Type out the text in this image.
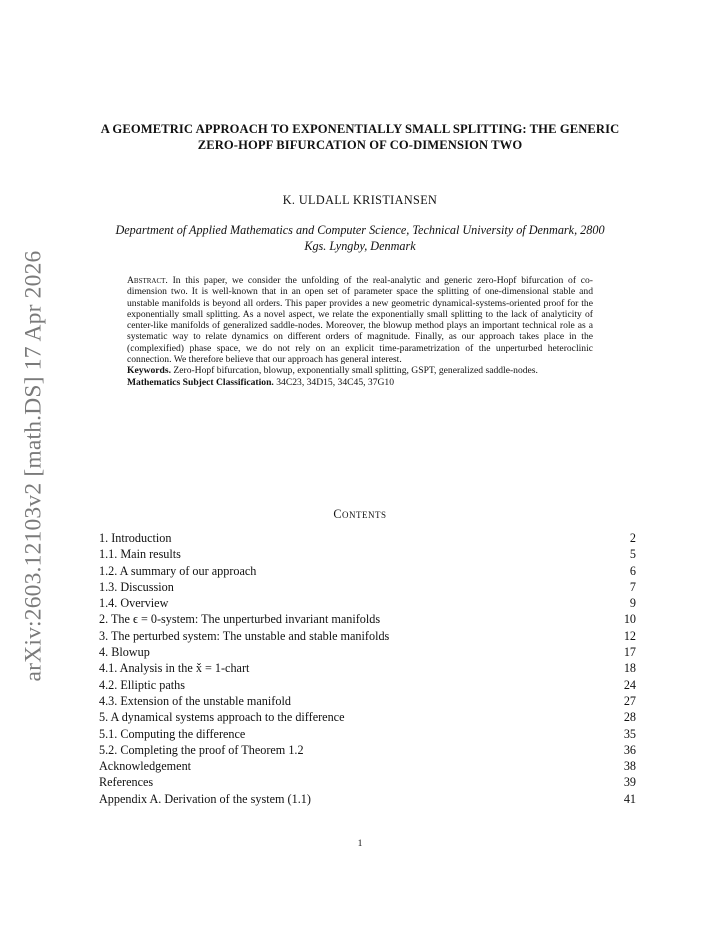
arXiv:2603.12103v2 [math.DS] 17 Apr 2026
A GEOMETRIC APPROACH TO EXPONENTIALLY SMALL SPLITTING: THE GENERIC ZERO-HOPF BIFURCATION OF CO-DIMENSION TWO
K. ULDALL KRISTIANSEN
Department of Applied Mathematics and Computer Science, Technical University of Denmark, 2800 Kgs. Lyngby, Denmark

Abstract. In this paper, we consider the unfolding of the real-analytic and generic zero-Hopf bifurcation of co-dimension two. It is well-known that in an open set of parameter space the splitting of one-dimensional stable and unstable manifolds is beyond all orders. This paper provides a new geometric dynamical-systems-oriented proof for the exponentially small splitting. As a novel aspect, we relate the exponentially small splitting to the lack of analyticity of center-like manifolds of generalized saddle-nodes. Moreover, the blowup method plays an important technical role as a systematic way to relate dynamics on different orders of magnitude. Finally, as our approach takes place in the (complexified) phase space, we do not rely on an explicit time-parametrization of the unperturbed heteroclinic connection. We therefore believe that our approach has general interest.

Keywords. Zero-Hopf bifurcation, blowup, exponentially small splitting, GSPT, generalized saddle-nodes.

Mathematics Subject Classification. 34C23, 34D15, 34C45, 37G10

Contents
1. Introduction	2
1.1. Main results	5
1.2. A summary of our approach	6
1.3. Discussion	7
1.4. Overview	9
2. The ϵ = 0-system: The unperturbed invariant manifolds	10
3. The perturbed system: The unstable and stable manifolds	12
4. Blowup	17
4.1. Analysis in the x̌ = 1-chart	18
4.2. Elliptic paths	24
4.3. Extension of the unstable manifold	27
5. A dynamical systems approach to the difference	28
5.1. Computing the difference	35
5.2. Completing the proof of Theorem 1.2	36
Acknowledgement	38
References	39
Appendix A. Derivation of the system (1.1)	41
1
